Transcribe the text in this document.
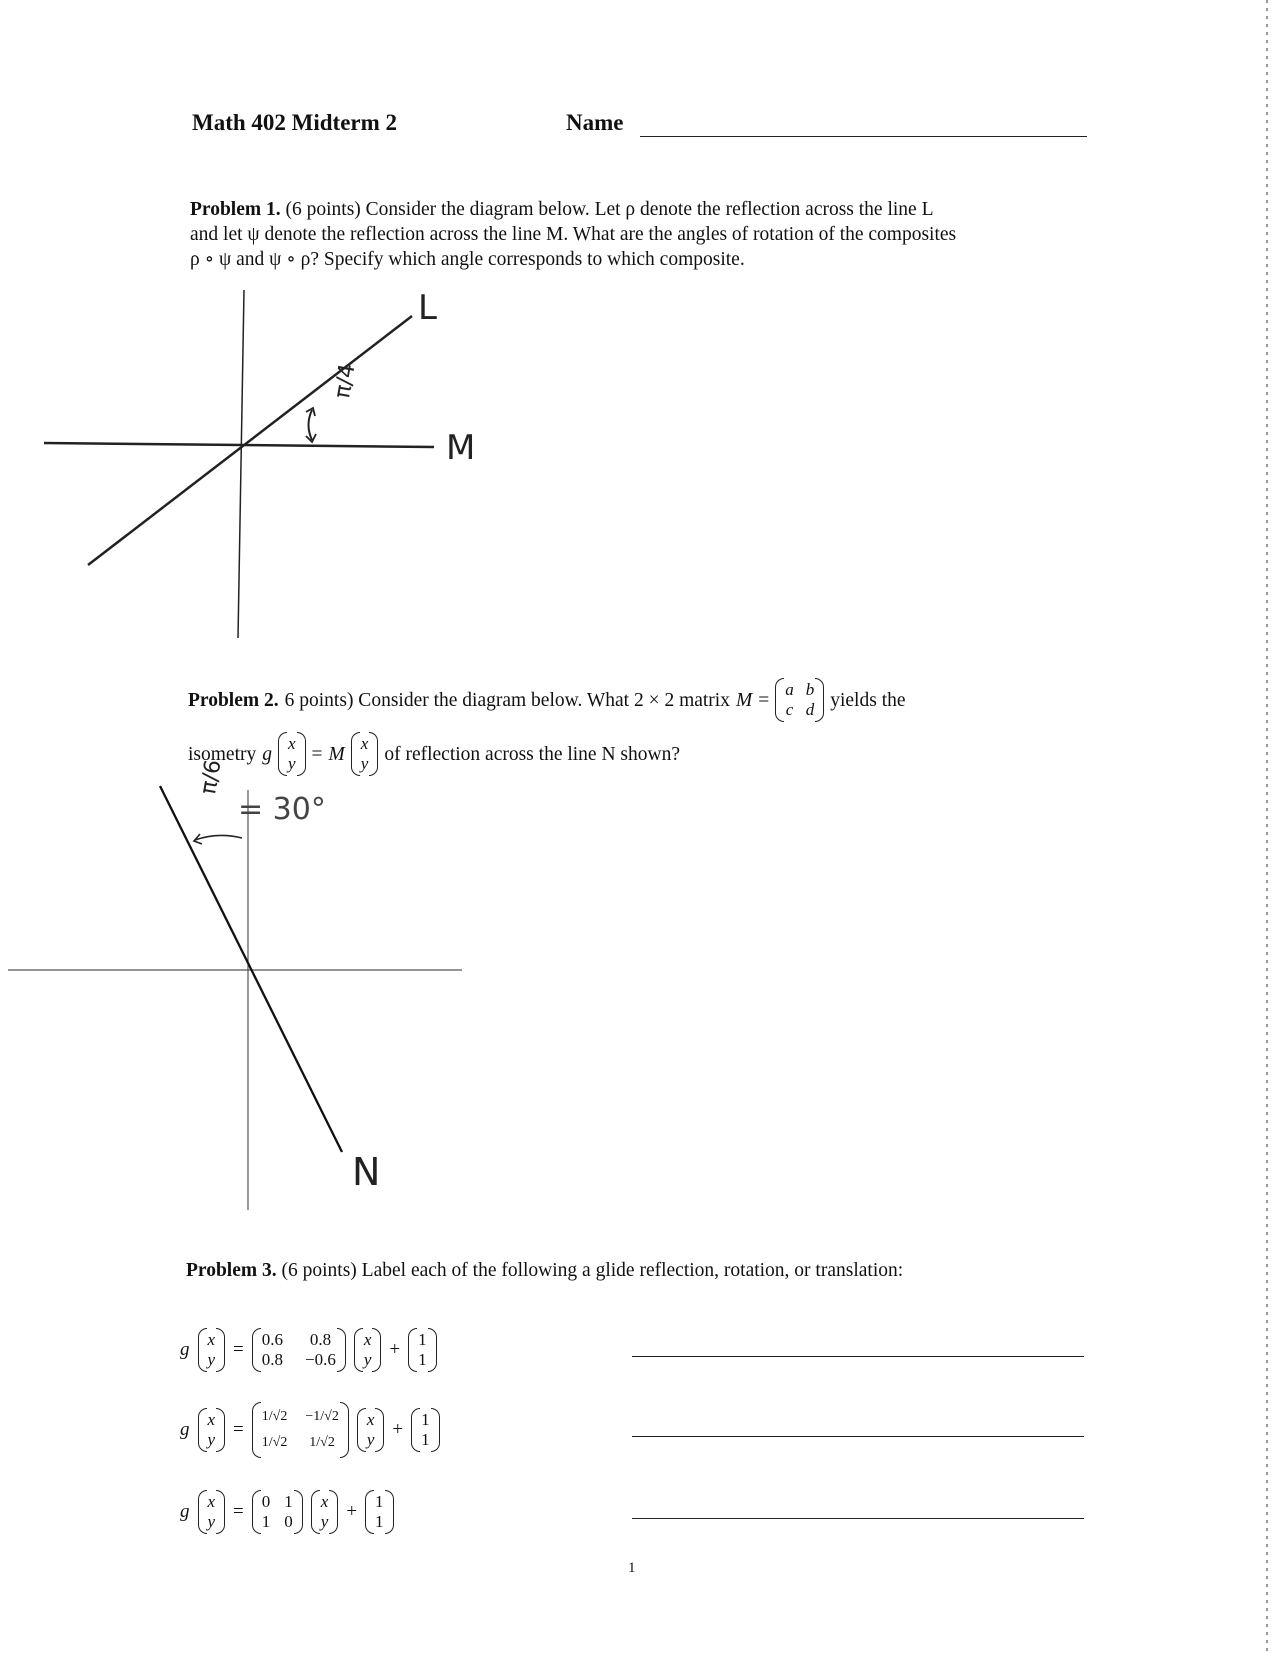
Math 402 Midterm 2	Name
Problem 1. (6 points) Consider the diagram below. Let ρ denote the reflection across the line L
and let ψ denote the reflection across the line M. What are the angles of rotation of the composites
ρ ∘ ψ and ψ ∘ ρ? Specify which angle corresponds to which composite.
L
M
π/4
Problem 2. 6 points) Consider the diagram below. What 2 × 2 matrix M = a b
c d yields the
isometry g x
y = M x
y of reflection across the line N shown?
π/6
= 30°
N
Problem 3. (6 points) Label each of the following a glide reflection, rotation, or translation:
g x
y = 0.6 0.8
0.8 −0.6
x
y + 1
1
g x
y =
1/√2 −1/√2
1/√2 1/√2
x
y + 1
1
g x
y = 0 1
1 0
x
y + 1
1
1
